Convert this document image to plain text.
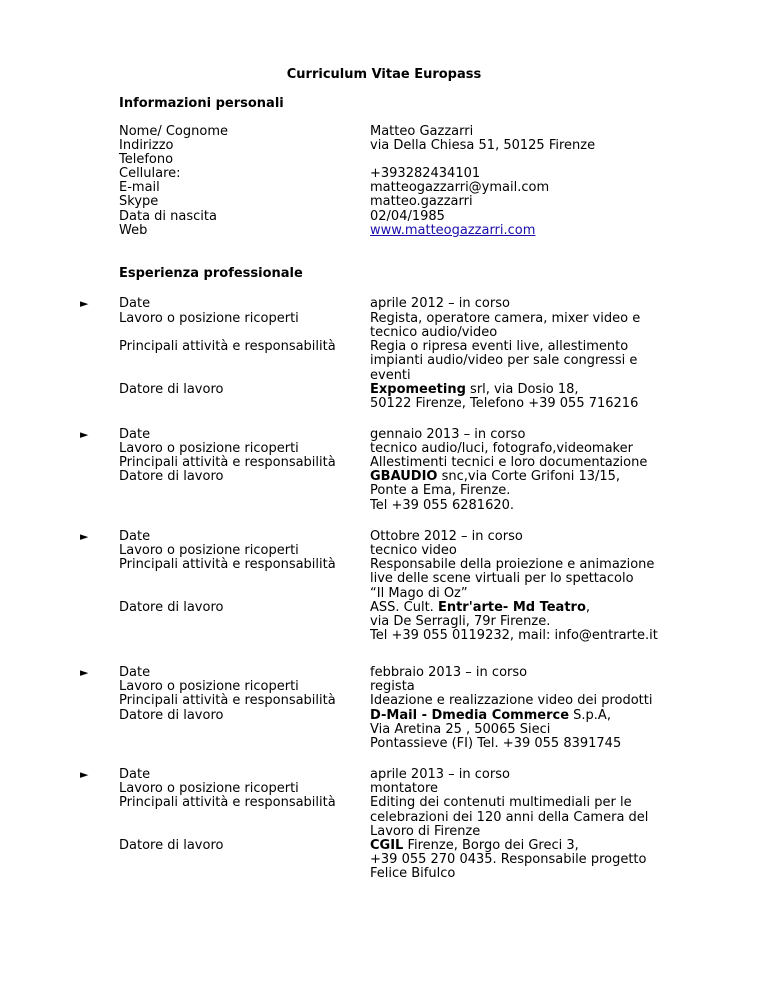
Curriculum Vitae Europass
Informazioni personali
Nome/ Cognome
Indirizzo
Telefono
Cellulare:
E-mail
Skype
Data di nascita
Web
Matteo Gazzarri
via Della Chiesa 51, 50125 Firenze
+393282434101
matteogazzarri@ymail.com
matteo.gazzarri
02/04/1985
www.matteogazzarri.com
Esperienza professionale
► Date
Lavoro o posizione ricoperti
Principali attività e responsabilità
Datore di lavoro
aprile 2012 – in corso
Regista, operatore camera, mixer video e
tecnico audio/video
Regia o ripresa eventi live, allestimento
impianti audio/video per sale congressi e
eventi
Expomeeting srl, via Dosio 18,
50122 Firenze, Telefono +39 055 716216
► Date
Lavoro o posizione ricoperti
Principali attività e responsabilità
Datore di lavoro
gennaio 2013 – in corso
tecnico audio/luci, fotografo,videomaker
Allestimenti tecnici e loro documentazione
GBAUDIO snc,via Corte Grifoni 13/15,
Ponte a Ema, Firenze.
Tel +39 055 6281620.
► Date
Lavoro o posizione ricoperti
Principali attività e responsabilità
Datore di lavoro
Ottobre 2012 – in corso
tecnico video
Responsabile della proiezione e animazione
live delle scene virtuali per lo spettacolo
“Il Mago di Oz”
ASS. Cult. Entr'arte- Md Teatro,
via De Serragli, 79r Firenze.
Tel +39 055 0119232, mail: info@entrarte.it
► Date
Lavoro o posizione ricoperti
Principali attività e responsabilità
Datore di lavoro
febbraio 2013 – in corso
regista
Ideazione e realizzazione video dei prodotti
D-Mail - Dmedia Commerce S.p.A,
Via Aretina 25 , 50065 Sieci
Pontassieve (FI) Tel. +39 055 8391745
► Date
Lavoro o posizione ricoperti
Principali attività e responsabilità
Datore di lavoro
aprile 2013 – in corso
montatore
Editing dei contenuti multimediali per le
celebrazioni dei 120 anni della Camera del
Lavoro di Firenze
CGIL Firenze, Borgo dei Greci 3,
+39 055 270 0435. Responsabile progetto
Felice Bifulco
